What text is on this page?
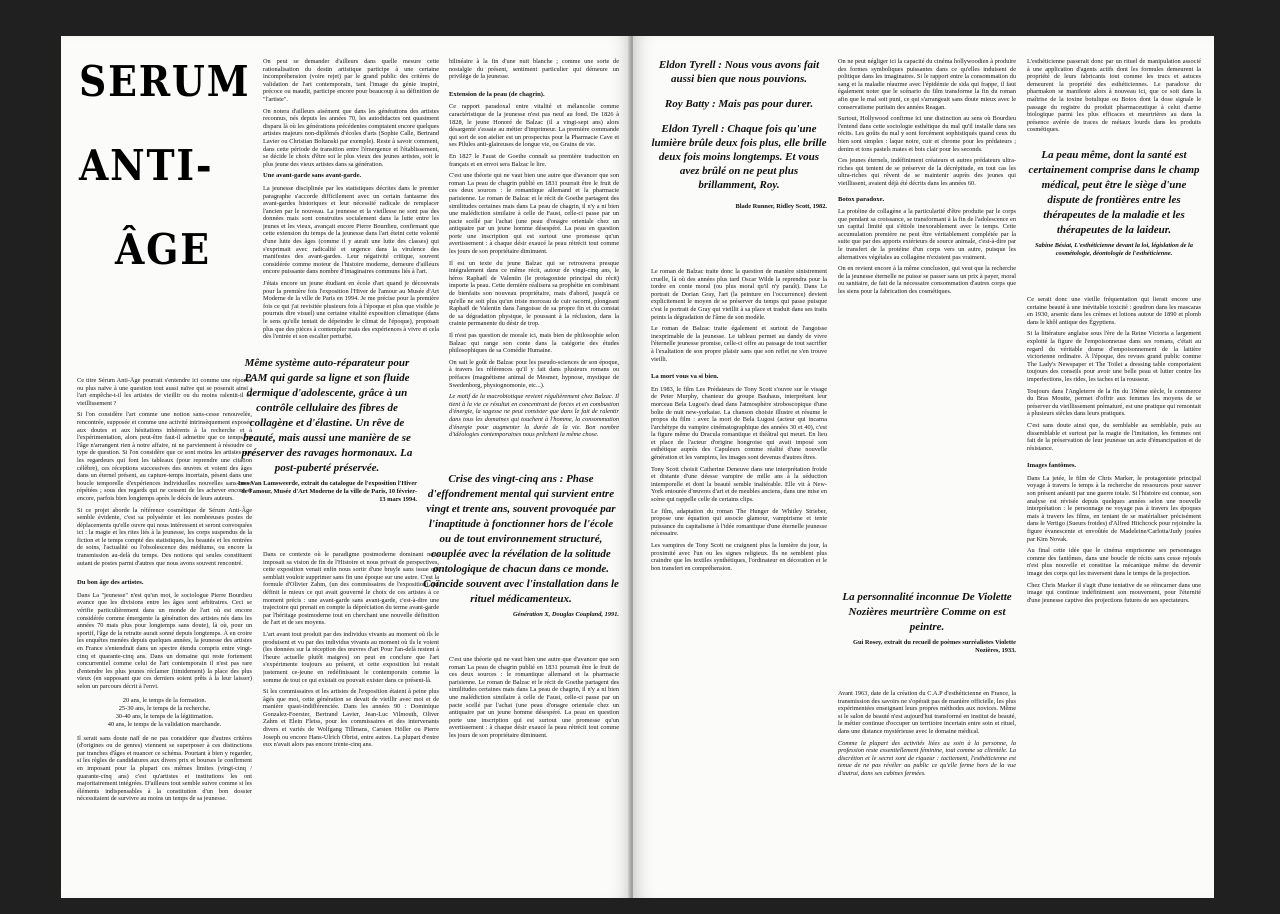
SERUM
ANTI-
ÂGE

Ce titre Sérum Anti-Âge pourrait s'entendre ici comme une réponse ou plus naïve à une question tout aussi naïve qui se poserait ainsi : l'art empêche-t-il les artistes de vieillir ou du moins ralentit-il ce vieillissement ?

Si l'on considère l'art comme une notion sans-cesse renouvelée, rencontrée, supposée et comme une activité intrinsèquement exposée aux doutes et aux hésitations inhérents à la recherche et à l'expérimentation, alors peut-être faut-il admettre que ce temps, ni l'âge n'arrangent rien à notre affaire, ni ne parviennent à résoudre ce type de question. Si l'on considère que ce sont moins les artistes que les regardeurs qui font les tableaux (pour reprendre une citation célèbre), ces réceptions successives des œuvres et voient des âges dans un éternel présent, au capture-temps incertain, pèsent dans une boucle temporelle d'expériences individuelles nouvelles sans-cesse répétées ; sous des regards qui ne cessent de les achever encore et encore, parfois bien longtemps après le décès de leurs auteurs.

Si ce projet aborde la référence cosmétique de Sérum Anti-Âge semble évidente, c'est sa polysémie et les nombreuses postes de déplacements qu'elle ouvre qui nous intéressent et seront convoquées ici : la magie et les rites liés à la jeunesse, les corps suspendus de la fiction et le temps compté des statistiques, les beautés et les rentrées de soins, l'actualité ou l'obsolescence des médiums, ou encore la transmission au-delà du temps. Des notions qui seules constituent autant de postes parmi d'autres que nous avons souvent rencontré.

Du bon âge des artistes.

Dans La "jeunesse" n'est qu'un mot, le sociologue Pierre Bourdieu avance que les divisions entre les âges sont arbitraires. Ceci se vérifie particulièrement dans un monde de l'art où est encore considérée comme émergente la génération des artistes nés dans les années 70 mais plus pour longtemps sans doute), là où, pour un sportif, l'âge de la retraite aurait sonné depuis longtemps. À en croire les enquêtes menées depuis quelques années, la jeunesse des artistes en France s'entendrait dans un spectre étendu compris entre vingt-cinq et quarante-cinq ans. Dans un domaine qui reste fortement concurrentiel comme celui de l'art contemporain il n'est pas rare d'entendre les plus jeunes réclamer (timidement) la place des plus vieux (en supposant que ces derniers soient prêts à la leur laisser) selon un parcours décrit à l'envi.

20 ans, le temps de la formation.
25-30 ans, le temps de la recherche.
30-40 ans, le temps de la légitimation.
40 ans, le temps de la validation marchande.

Il serait sans doute naïf de ne pas considérer que d'autres critères (d'origines ou de genres) viennent se superposer à ces distinctions par tranches d'âges et nuancer ce schéma. Pourtant à bien y regarder, si les règles de candidatures aux divers prix et bourses le confirment en imposant pour la plupart ces mêmes limites (vingt-cinq / quarante-cinq ans) c'est qu'artistes et institutions les ont majoritairement intégrées. D'ailleurs tout semble suivre comme si les éléments indispensables à la constitution d'un bon dossier nécessitaient de survivre au moins un temps de sa jeunesse.

On peut se demander d'ailleurs dans quelle mesure cette rationalisation du destin artistique participe à une certaine incompréhension (voire rejet) par le grand public des critères de validation de l'art contemporain, tant l'image du génie inspiré, précoce ou maudit, participe encore pour beaucoup à sa définition de "l'artiste".

On notera d'ailleurs aisément que dans les générations des artistes reconnus, nés depuis les années 70, les autodidactes ont quasiment disparu là où les générations précédentes comptaient encore quelques artistes majeurs non-diplômés d'écoles d'arts (Sophie Calle, Bertrand Lavier ou Christian Boltanski par exemple). Reste à savoir comment, dans cette période de transition entre l'émergence et l'établissement, se décide le choix d'être soi le plus vieux des jeunes artistes, soit le plus jeune des vieux artistes dans sa génération.

Une avant-garde sans avant-garde.

La jeunesse disciplinée par les statistiques décrites dans le premier paragraphe s'accorde difficilement avec un certain fantasme des avant-gardes historiques et leur nécessité radicale de remplacer l'ancien par le nouveau. La jeunesse et la vieillesse ne sont pas des données mais sont construites socialement dans la lutte entre les jeunes et les vieux, avançait encore Pierre Bourdieu, confirmant que cette extension du temps de la jeunesse dans l'art éteint cette volonté d'une lutte des âges (comme il y aurait une lutte des classes) qui s'exprimait avec radicalité et urgence dans la virulence des manifestes des avant-gardes. Leur négativité critique, souvent considérée comme moteur de l'histoire moderne, demeure d'ailleurs encore puissante dans nombre d'imaginaires communs liés à l'art.

J'étais encore un jeune étudiant en école d'art quand je découvrais pour la première fois l'exposition l'Hiver de l'amour au Musée d'Art Moderne de la ville de Paris en 1994. Je me précise pour la première fois ce qui j'ai revisitée plusieurs fois à l'époque et plus que visible je pourrais dire visuel) une certaine vitalité exposition climatique (dans le sens qu'elle tentait de dépeindre le climat de l'époque), proposait plus que des pièces à contempler mais des expériences à vivre et cela dès l'entrée et son escalier perturbé.

Même système auto-réparateur pour PAM qui garde sa ligne et son fluide dermique d'adolescente, grâce à un contrôle cellulaire des fibres de collagène et d'élastine. Un rêve de beauté, mais aussi une manière de se préserver des ravages hormonaux. La post-puberté préservée.
Ines Van Lamsweerde, extrait du catalogue de l'exposition l'Hiver de l'amour, Musée d'Art Moderne de la ville de Paris, 10 février-13 mars 1994.

Dans ce contexte où le paradigme postmoderne dominant nous imposait sa vision de fin de l'Histoire et nous privait de perspectives, cette exposition venait enfin nous sortir d'une bruyle sans issue qui semblait vouloir supprimer sans fin une époque sur une autre. C'est la formule d'Olivier Zahm, (un des commissaires de l'exposition) qui définit le mieux ce qui avait gouverné le choix de ces artistes à ce moment précis : une avant-garde sans avant-garde, c'est-à-dire une trajectoire qui prenait en compte la dépréciation du terme avant-garde par l'héritage postmoderne tout en cherchant une nouvelle définition de l'art et de ses moyens.

L'art avant tout produit par des individus vivants au moment où ils le produisent et vu par des individus vivants au moment où ils le voient (les données sur la réception des œuvres d'art Pour l'an-delà restent à l'heure actuelle plutôt maigres) on peut en conclure que l'art s'expérimente toujours au présent, et cette exposition lui restait justement ce-jeune en redéfinissant le contemporain comme la somme de tout ce qui existait ou pouvait exister dans ce présent-là.

Si les commissaires et les artistes de l'exposition étaient à peine plus âgés que moi, cette génération se devait de vieillir avec moi et de manière quasi-indifférenciée. Dans les années 90 : Dominique Gonzalez-Foerster, Bertrand Lavier, Jean-Luc Vilmouth, Oliver Zahm et Elein Fleiss, pour les commissaires et des intervenants divers et variés de Wolfgang Tillmans, Carsten Höller ou Pierre Joseph ou encore Hans-Ulrich Obrist, entre autres. La plupart d'entre eux n'avait alors pas encore trente-cinq ans.

bilinéaire à la fin d'une nuit blanche ; comme une sorte de nostalgie du présent, sentiment particulier qui démeure un privilège de la jeunesse.

Extension de la peau (de chagrin).

Ce rapport paradoxal entre vitalité et mélancolie comme caractéristique de la jeunesse n'est pas neuf au fond. De 1826 à 1828, le jeune Honoré de Balzac (il a vingt-sept ans) alors désargenté s'essaie au métier d'imprimeur. La première commande qui sort de son atelier est un prospectus pour la Pharmacie Cave et ses Pilules anti-glaireuses de longue vie, ou Grains de vie.

En 1827 le Faust de Goethe connaît sa première traduction en français et en envoi sera Balzac le lire.

C'est une théorie qui ne vaut bien une autre que d'avancer que son roman La peau de chagrin publié en 1831 pourrait être le fruit de ces deux sources : le romantique allemand et la pharmacie parisienne. Le roman de Balzac et le récit de Goethe partagent des similitudes certaines mais dans La peau de chagrin, il n'y a ni bien une malédiction similaire à celle de Faust, celle-ci passe par un pacte scellé par l'achat (une peau d'onagre orientale chez un antiquaire par un jeune homme désespéré. La peau en question porte une inscription qui est surtout une promesse qu'un avertissement : à chaque désir exaucé la peau rétrécit tout comme les jours de son propriétaire diminuent.

Il est un texte du jeune Balzac qui se retrouvera presque intégralement dans ce même récit, autour de vingt-cinq ans, le héros Raphaël de Valentin (le protagoniste principal du récit) importe la peau. Cette dernière réalisera sa prophétie en combinant de bienfaits son nouveau propriétaire, mais d'abord, jusqu'à ce qu'elle ne soit plus qu'un triste morceau de cuir racorni, plongeant Raphaël de Valentin dans l'angoisse de sa propre fin et du constat de sa dégradation physique, le poussant à la réclusion, dans la crainte permanente du désir de trop.

Il n'est pas question de morale ici, mais bien de philosophie selon Balzac qui range son conte dans la catégorie des études philosophiques de sa Comédie Humaine.

On sait le goût de Balzac pour les pseudo-sciences de son époque, à travers les références qu'il y fait dans plusieurs romans ou préfaces (magnétisme animal de Mesmer, hypnose, mystique de Swedenborg, physiognomonie, etc...).

Le motif de la macrobiotique revient régulièrement chez Balzac. Il tient à la vie ce résultat en concentrant de forces et en combustion d'énergie, la sagesse ne peut consister que dans le fait de ralentir dans tous les domaines qui touchent à l'homme, la consommation d'énergie pour augmenter la durée de la vie. Bon nombre d'idéologies contemporaines nous prêchent la même chose.

Crise des vingt-cinq ans : Phase d'effondrement mental qui survient entre vingt et trente ans, souvent provoquée par l'inaptitude à fonctionner hors de l'école ou de tout environnement structuré, couplée avec la révélation de la solitude ontologique de chacun dans ce monde. Coïncide souvent avec l'installation dans le rituel médicamenteux.
Génération X, Douglas Coupland, 1991.

C'est une théorie qui ne vaut bien une autre que d'avancer que son roman La peau de chagrin publié en 1831 pourrait être le fruit de ces deux sources : le romantique allemand et la pharmacie parisienne. Le roman de Balzac et le récit de Goethe partagent des similitudes certaines mais dans La peau de chagrin, il n'y a ni bien une malédiction similaire à celle de Faust, celle-ci passe par un pacte scellé par l'achat (une peau d'onagre orientale chez un antiquaire par un jeune homme désespéré. La peau en question porte une inscription qui est surtout une promesse qu'un avertissement : à chaque désir exaucé la peau rétrécit tout comme les jours de son propriétaire diminuent.

Eldon Tyrell : Nous vous avons fait aussi bien que nous pouvions.

Roy Batty : Mais pas pour durer.

Eldon Tyrell : Chaque fois qu'une lumière brûle deux fois plus, elle brille deux fois moins longtemps. Et vous avez brûlé on ne peut plus brillamment, Roy.

Blade Runner, Ridley Scott, 1982.

Le roman de Balzac traite donc la question de manière sinistrement cruelle, là où des années plus tard Oscar Wilde la reprendra pour la tordre en conte moral (ou plus moral qu'il n'y paraît). Dans Le portrait de Dorian Gray, l'art (la peinture en l'occurrence) devient explicitement le moyen de se préserver du temps qui passe puisque c'est le portrait de Gray qui vieillit à sa place et traduit dans ses traits peints la dégradation de l'âme de son modèle.

Le roman de Balzac traite également et surtout de l'angoisse inexprimable de la jeunesse. Le tableau permet au dandy de vivre l'éternelle jeunesse promise, celle-ci offre au passage de tout sacrifier à l'exaltation de son propre plaisir sans que son reflet ne s'en trouve vieilli.

La mort vous va si bien.

En 1983, le film Les Prédateurs de Tony Scott s'ouvre sur le visage de Peter Murphy, chanteur du groupe Bauhaus, interprétant leur morceau Bela Lugosi's dead dans l'atmosphère stroboscopique d'une boîte de nuit new-yorkaise. La chanson choisie illustre et résume le propos du film : avec la mort de Bela Lugosi (acteur qui incarna l'archétype du vampire cinématographique des années 30 et 40), c'est la figure même du Dracula romantique et théâtral qui meurt. En lieu et place de l'acteur d'origine hongroise qui avait imposé son esthétique auprès des Capuleurs comme réalité d'une nouvelle génération et les vampires, les images sont devenus d'autres êtres.

Tony Scott choisit Catherine Deneuve dans une interprétation froide et distante d'une déesse vampire de mille ans à la séduction intemporelle et dont la beauté semble inaltérable. Elle vit à New-York entourée d'œuvres d'art et de meubles anciens, dans une mise en scène qui rappelle celle de certains clips.

Le film, adaptation du roman The Hunger de Whitley Strieber, propose une équation qui associe glamour, vampirisme et tente puissance du capitalisme à l'idée romantique d'une éternelle jeunesse nécessaire.

Les vampires de Tony Scott ne craignent plus la lumière du jour, la proximité avec l'un ou les signes religieux. Ils ne semblent plus craindre que les textiles synthétiques, l'ordinateur en décoration et le bon transfert en compréhension.

On ne peut négliger ici la capacité du cinéma hollywoodien à produire des formes symboliques puissantes dans ce qu'elles induisent de politique dans les imaginaires. Si le rapport entre la consommation du sang et la maladie réaurme avec l'épidémie de sida qui frappe, il faut également noter que le scénario du film transforme la fin du roman afin que le mal soit puni, ce qui s'arrangeait sans doute mieux avec le conservatisme puritain des années Reagan.

Surtout, Hollywood confirme ici une distinction au sens où Bourdieu l'entend dans cette sociologie esthétique du mal qu'il installe dans ses récits. Les goûts du mal y sont forcément sophistiqués quand ceux du bien sont simples : laque noire, cuir et chrome pour les prédateurs ; denim et tons pastels mates et bois clair pour les seconds.

Ces jeunes éternels, indéfiniment créateurs et autres prédateurs ultra-riches qui tentent de se préserver de la décrépitude, en tout cas les ultra-riches qui rêvent de se maintenir auprès des jeunes qui vieillissent, avaient déjà été décrits dans les années 60.

Botox paradoxe.

La protéine de collagène a la particularité d'être produite par le corps que pendant sa croissance, se transformant à la fin de l'adolescence en un capital limité qui s'étiole inexorablement avec le temps. Cette accumulation première ne peut être véritablement complétée par la suite que par des apports extérieurs de source animale, c'est-à-dire par le transfert de la protéine d'un corps vers un autre, puisque les alternatives végétales au collagène n'existent pas vraiment.

On en revient encore à la même conclusion, qui veut que la recherche de la jeunesse éternelle ne puisse se passer sans un prix à payer, moral ou sanitaire, de fait de la nécessaire consommation d'autres corps que les siens pour la fabrication des cosmétiques.

La personnalité inconnue De Violette Nozières meurtrière Comme on est peintre.
Gui Rosey, extrait du recueil de poèmes surréalistes Violette Nozières, 1933.

Avant 1963, date de la création du C.A.P d'esthéticienne en France, la transmission des savoirs ne s'opérait pas de manière officielle, les plus expérimentées enseignant leurs propres méthodes aux novices. Même si le salon de beauté n'est aujourd'hui transformé en institut de beauté, le métier continue d'occuper un territoire incertain entre soin et rituel, dans une distance mystérieuse avec le domaine médical.

Comme la plupart des activités liées au soin à la personne, la profession reste essentiellement féminine, tout comme sa clientèle. La discrétion et le secret sont de rigueur : tacitement, l'esthéticienne est tenue de ne pas révéler au public ce qu'elle ferme hors de la vue d'autrui, dans ses cabines fermées.

L'esthéticienne passerait donc par un rituel de manipulation associé à une application d'agents actifs dont les formules demeurent la propriété de leurs fabricants tout comme les trucs et astuces demeurent la propriété des esthéticiennes. Le paradoxe du pharmakon se manifeste alors à nouveau ici, que ce soit dans la maîtrise de la toxine botulique ou Botox dont la dose signale le passage du registre du produit pharmaceutique à celui d'arme biologique parmi les plus efficaces et meurtrières au dans la présence avérée de traces de métaux lourds dans les produits cosmétiques.

La peau même, dont la santé est certainement comprise dans le champ médical, peut être le siège d'une dispute de frontières entre les thérapeutes de la maladie et les thérapeutes de la laideur.
Sabine Bésiat, L'esthéticienne devant la loi, législation de la cosmétologie, déontologie de l'esthéticienne.

Ce serait donc une vieille fréquentation qui lierait encore une certaine beauté à une inévitable toxicité : goudron dans les mascaras en 1930, arsenic dans les crèmes et lotions autour de 1890 et plomb dans le khôl antique des Égyptiens.

Si la littérature anglaise sous l'ère de la Reine Victoria a largement exploité la figure de l'empoisonneuse dans ses romans, c'était au regard du véritable drame d'empoisonnement de la laitière victorienne ordinaire. À l'époque, des revues grand public comme The Lady's Newspaper et The Toilet a dressing table comportaient toujours des conseils pour avoir une belle peau et lutter contre les imperfections, les rides, les taches et la rousseur.

Toujours dans l'Angleterre de la fin du 19ème siècle, le commerce du Bras Moutte, permet d'offrir aux femmes les moyens de se préserver du vieillissement prématuré, est une pratique qui remontait à plusieurs siècles dans leurs pratiques.

C'est sans doute ainsi que, du semblable au semblable, puis au dissemblable et surtout par la magie de l'imitation, les femmes ont fait de la préservation de leur jeunesse un acte d'émancipation et de résistance.

Images fantômes.

Dans La jetée, le film de Chris Marker, le protagoniste principal voyage à travers le temps à la recherche de ressources pour sauver son présent anéanti par une guerre totale. Si l'histoire est connue, son analyse est révisée depuis quelques années selon une nouvelle interprétation : le personnage ne voyage pas à travers les époques mais à travers les films, en tentant de se matérialiser précisément dans le Vertigo (Sueurs froides) d'Alfred Hitchcock pour rejoindre la figure évanescente et envoûtée de Madeleine/Carlotta/Judy jouées par Kim Novak.

Au final cette idée que le cinéma emprisonne ses personnages comme des fantômes, dans une boucle de récits sans cesse rejoués n'est plus nouvelle et constitue la mécanique même du devenir image des corps qui les traversent dans le temps de la projection.

Chez Chris Marker il s'agit d'une tentative de se réincarner dans une image qui continue indéfiniment son mouvement, pour l'éternité d'une jeunesse captive des projections futures de ses spectateurs.
